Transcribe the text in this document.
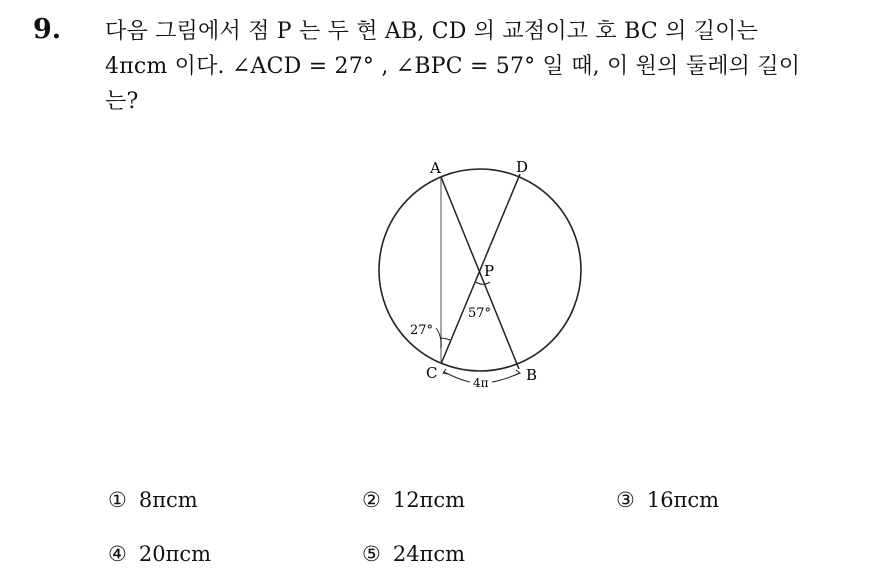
9. 다음 그림에서 점 P 는 두 현 AB, CD 의 교점이고 호 BC 의 길이는
4πcm 이다. ∠ACD = 27° , ∠BPC = 57° 일 때, 이 원의 둘레의 길이
는?
A	D
P
C	B
27°
57°
4π
① 8πcm	② 12πcm	③ 16πcm
④ 20πcm	⑤ 24πcm
